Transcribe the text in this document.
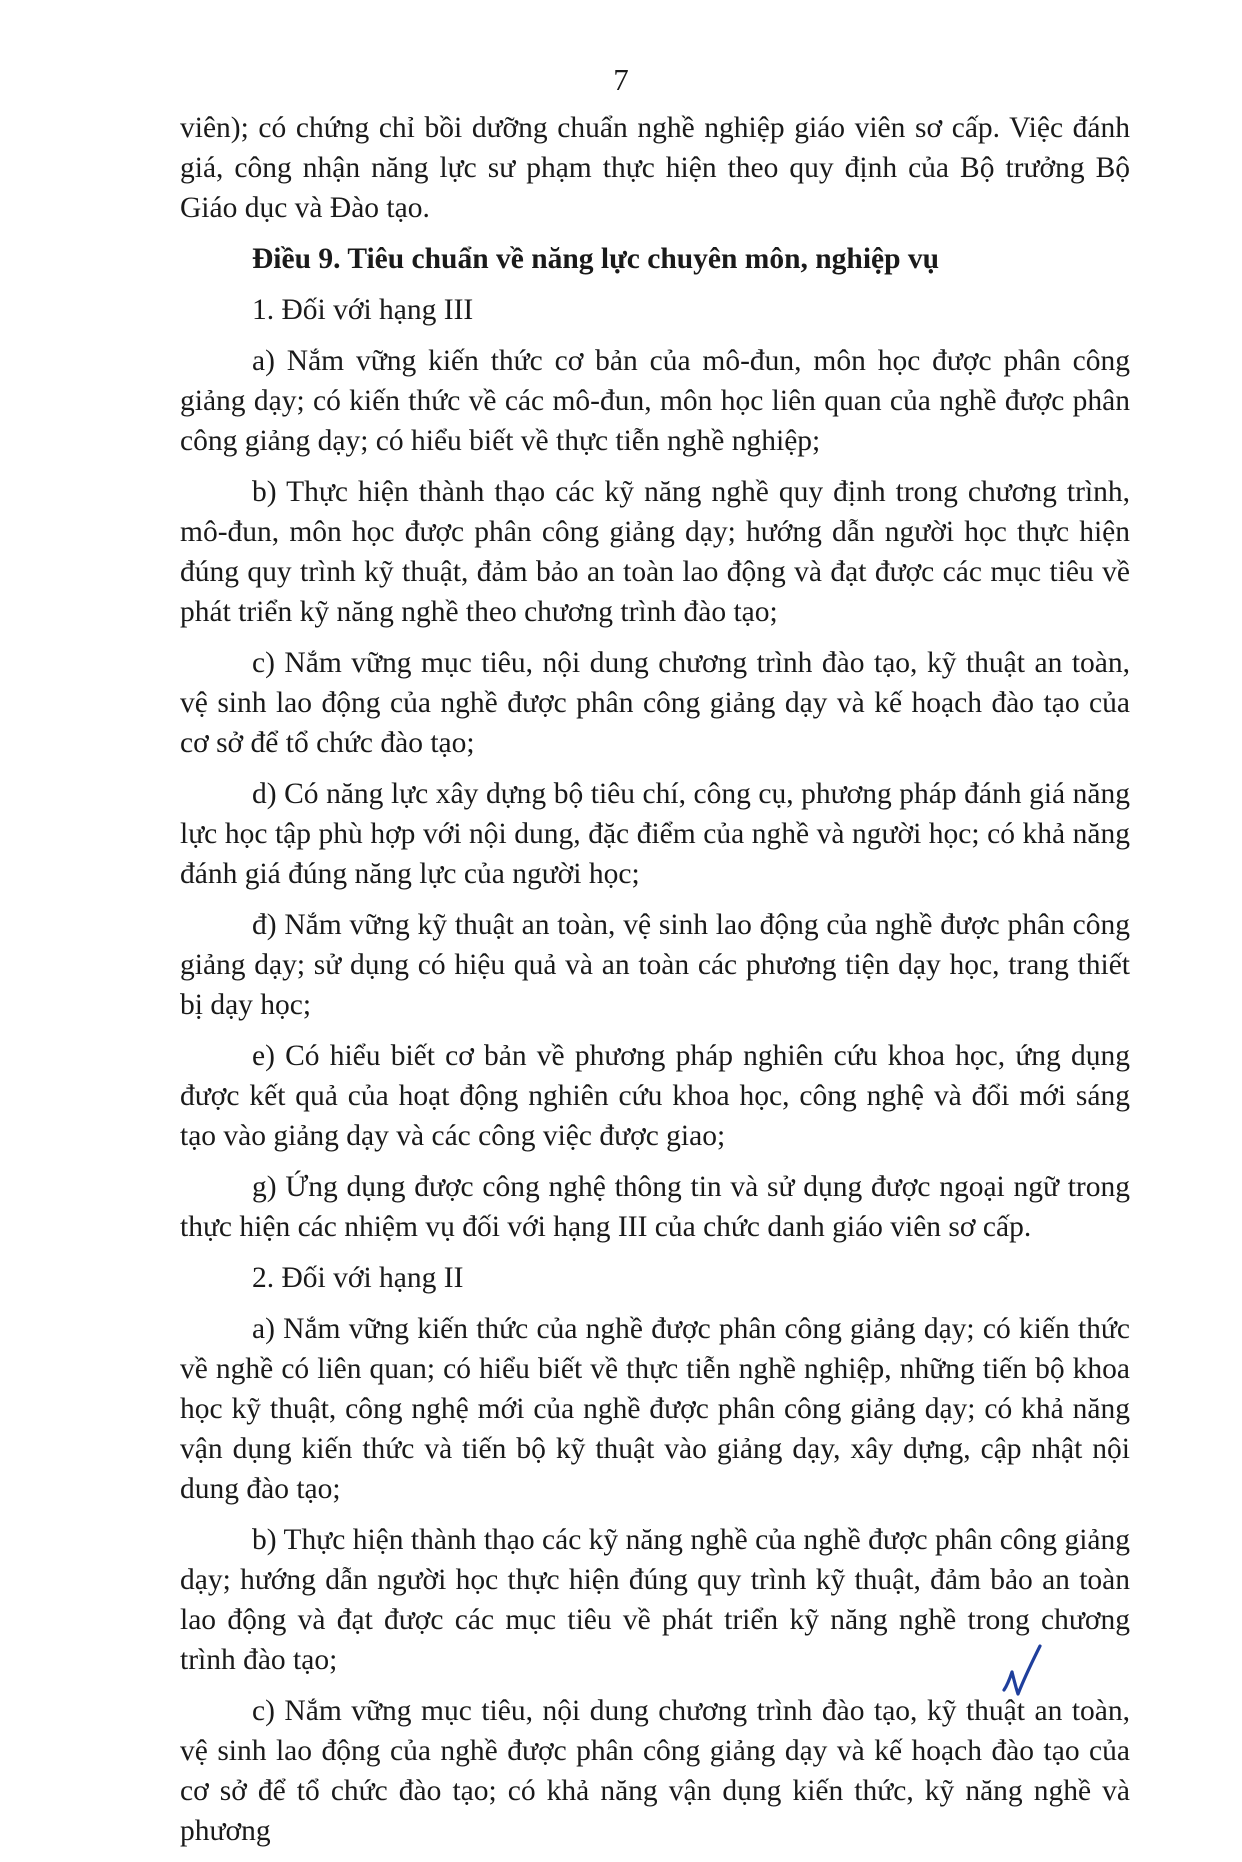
7

viên); có chứng chỉ bồi dưỡng chuẩn nghề nghiệp giáo viên sơ cấp. Việc đánh giá, công nhận năng lực sư phạm thực hiện theo quy định của Bộ trưởng Bộ Giáo dục và Đào tạo.

Điều 9. Tiêu chuẩn về năng lực chuyên môn, nghiệp vụ

1. Đối với hạng III

a) Nắm vững kiến thức cơ bản của mô-đun, môn học được phân công giảng dạy; có kiến thức về các mô-đun, môn học liên quan của nghề được phân công giảng dạy; có hiểu biết về thực tiễn nghề nghiệp;

b) Thực hiện thành thạo các kỹ năng nghề quy định trong chương trình, mô-đun, môn học được phân công giảng dạy; hướng dẫn người học thực hiện đúng quy trình kỹ thuật, đảm bảo an toàn lao động và đạt được các mục tiêu về phát triển kỹ năng nghề theo chương trình đào tạo;

c) Nắm vững mục tiêu, nội dung chương trình đào tạo, kỹ thuật an toàn, vệ sinh lao động của nghề được phân công giảng dạy và kế hoạch đào tạo của cơ sở để tổ chức đào tạo;

d) Có năng lực xây dựng bộ tiêu chí, công cụ, phương pháp đánh giá năng lực học tập phù hợp với nội dung, đặc điểm của nghề và người học; có khả năng đánh giá đúng năng lực của người học;

đ) Nắm vững kỹ thuật an toàn, vệ sinh lao động của nghề được phân công giảng dạy; sử dụng có hiệu quả và an toàn các phương tiện dạy học, trang thiết bị dạy học;

e) Có hiểu biết cơ bản về phương pháp nghiên cứu khoa học, ứng dụng được kết quả của hoạt động nghiên cứu khoa học, công nghệ và đổi mới sáng tạo vào giảng dạy và các công việc được giao;

g) Ứng dụng được công nghệ thông tin và sử dụng được ngoại ngữ trong thực hiện các nhiệm vụ đối với hạng III của chức danh giáo viên sơ cấp.

2. Đối với hạng II

a) Nắm vững kiến thức của nghề được phân công giảng dạy; có kiến thức về nghề có liên quan; có hiểu biết về thực tiễn nghề nghiệp, những tiến bộ khoa học kỹ thuật, công nghệ mới của nghề được phân công giảng dạy; có khả năng vận dụng kiến thức và tiến bộ kỹ thuật vào giảng dạy, xây dựng, cập nhật nội dung đào tạo;

b) Thực hiện thành thạo các kỹ năng nghề của nghề được phân công giảng dạy; hướng dẫn người học thực hiện đúng quy trình kỹ thuật, đảm bảo an toàn lao động và đạt được các mục tiêu về phát triển kỹ năng nghề trong chương trình đào tạo;

c) Nắm vững mục tiêu, nội dung chương trình đào tạo, kỹ thuật an toàn, vệ sinh lao động của nghề được phân công giảng dạy và kế hoạch đào tạo của cơ sở để tổ chức đào tạo; có khả năng vận dụng kiến thức, kỹ năng nghề và phương
